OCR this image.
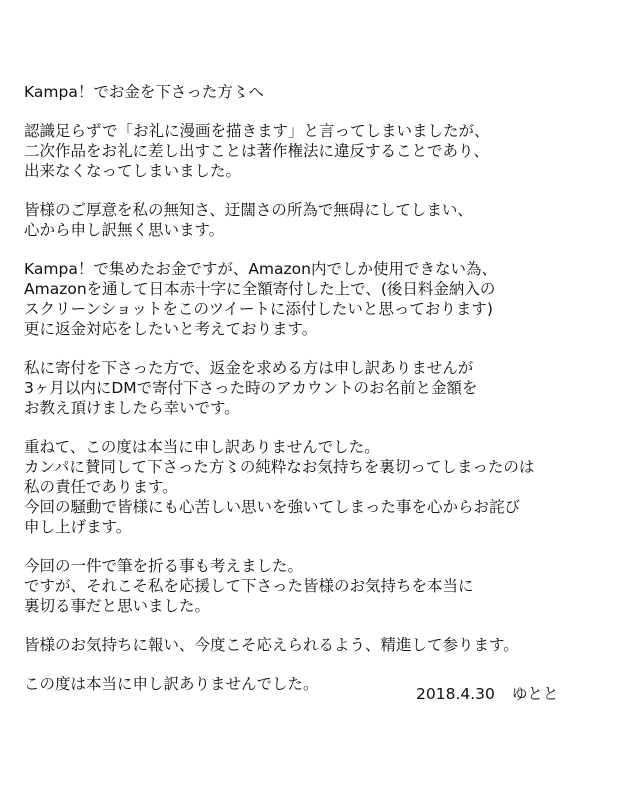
Kampa！でお金を下さった方〻へ
認識足らずで「お礼に漫画を描きます」と言ってしまいましたが、
二次作品をお礼に差し出すことは著作権法に違反することであり、
出来なくなってしまいました。
皆様のご厚意を私の無知さ、迂闊さの所為で無碍にしてしまい、
心から申し訳無く思います。
Kampa！で集めたお金ですが、Amazon内でしか使用できない為、
Amazonを通して日本赤十字に全額寄付した上で、(後日料金納入の
スクリーンショットをこのツイートに添付したいと思っております)
更に返金対応をしたいと考えております。
私に寄付を下さった方で、返金を求める方は申し訳ありませんが
3ヶ月以内にDMで寄付下さった時のアカウントのお名前と金額を
お教え頂けましたら幸いです。
重ねて、この度は本当に申し訳ありませんでした。
カンパに賛同して下さった方〻の純粋なお気持ちを裏切ってしまったのは
私の責任であります。
今回の騒動で皆様にも心苦しい思いを強いてしまった事を心からお詫び
申し上げます。
今回の一件で筆を折る事も考えました。
ですが、それこそ私を応援して下さった皆様のお気持ちを本当に
裏切る事だと思いました。
皆様のお気持ちに報い、今度こそ応えられるよう、精進して参ります。
この度は本当に申し訳ありませんでした。
2018.4.30 ゆとと
